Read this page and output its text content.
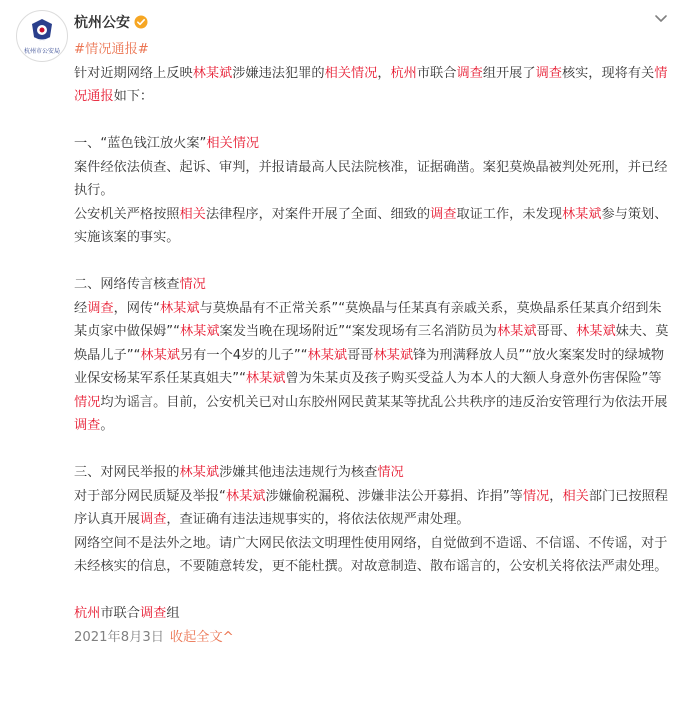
杭州市公安局
杭州公安

#情况通报#

针对近期网络上反映林某斌涉嫌违法犯罪的相关情况，杭州市联合调查组开展了调查核实，现将有关情况通报如下：

一、“蓝色钱江放火案”相关情况

案件经依法侦查、起诉、审判，并报请最高人民法院核准，证据确凿。案犯莫焕晶被判处死刑，并已经执行。

公安机关严格按照相关法律程序，对案件开展了全面、细致的调查取证工作，未发现林某斌参与策划、实施该案的事实。

二、网络传言核查情况

经调查，网传“林某斌与莫焕晶有不正常关系”“莫焕晶与任某真有亲戚关系，莫焕晶系任某真介绍到朱某贞家中做保姆”“林某斌案发当晚在现场附近”“案发现场有三名消防员为林某斌哥哥、林某斌妹夫、莫焕晶儿子”“林某斌另有一个4岁的儿子”“林某斌哥哥林某斌锋为刑满释放人员”“放火案案发时的绿城物业保安杨某军系任某真姐夫”“林某斌曾为朱某贞及孩子购买受益人为本人的大额人身意外伤害保险”等情况均为谣言。目前，公安机关已对山东胶州网民黄某某等扰乱公共秩序的违反治安管理行为依法开展调查。

三、对网民举报的林某斌涉嫌其他违法违规行为核查情况

对于部分网民质疑及举报“林某斌涉嫌偷税漏税、涉嫌非法公开募捐、诈捐”等情况，相关部门已按照程序认真开展调查，查证确有违法违规事实的，将依法依规严肃处理。

网络空间不是法外之地。请广大网民依法文明理性使用网络，自觉做到不造谣、不信谣、不传谣，对于未经核实的信息，不要随意转发，更不能杜撰。对故意制造、散布谣言的，公安机关将依法严肃处理。

杭州市联合调查组

2021年8月3日 收起全文^
